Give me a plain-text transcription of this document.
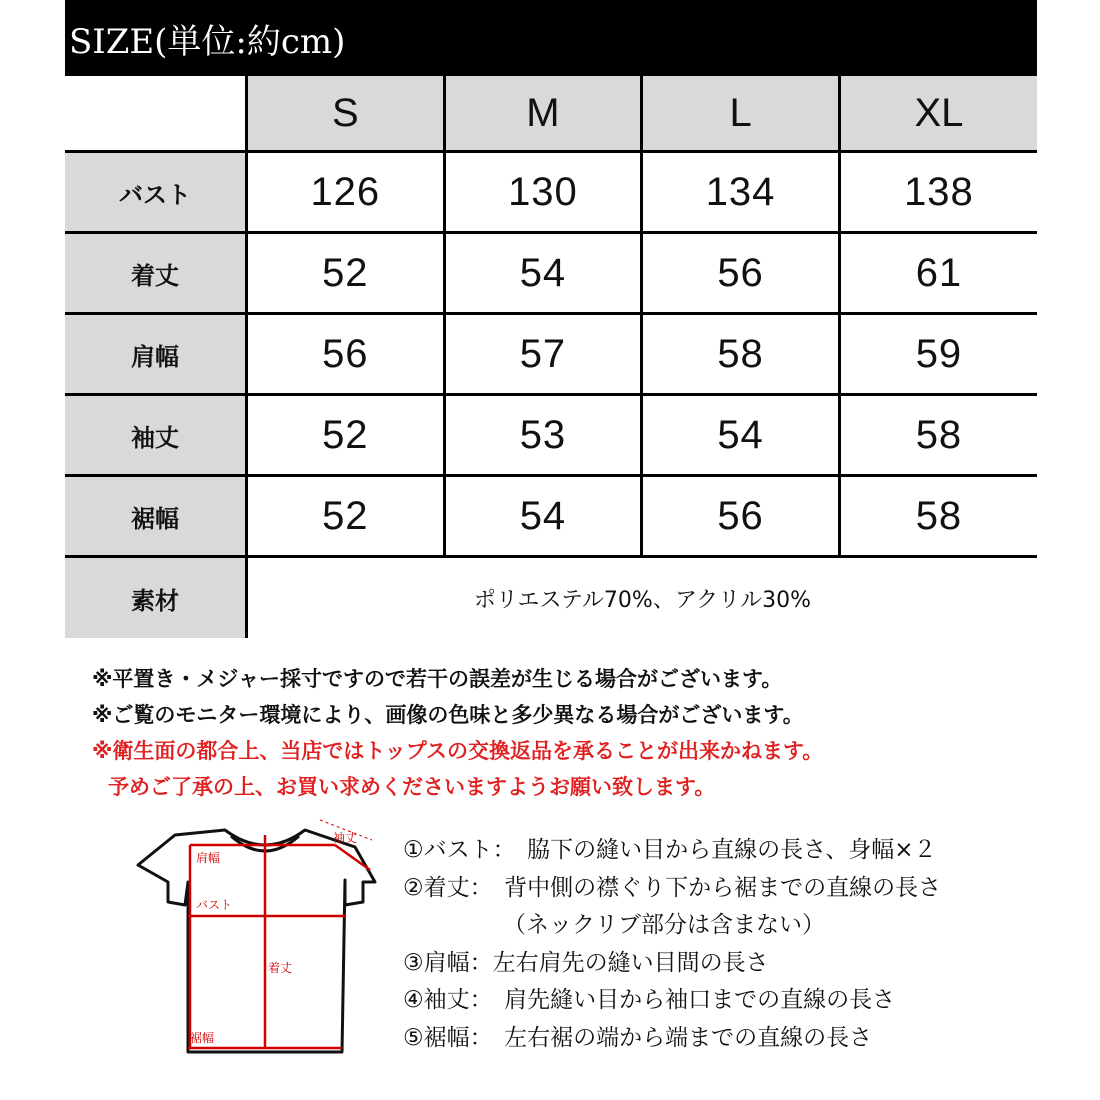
SIZE(単位:約cm)
	S	M	L	XL
バスト	126	130	134	138
着丈	52	54	56	61
肩幅	56	57	58	59
袖丈	52	53	54	58
裾幅	52	54	56	58
素材	ポリエステル70%、アクリル30%			

※平置き・メジャー採寸ですので若干の誤差が生じる場合がございます。

※ご覧のモニター環境により、画像の色味と多少異なる場合がございます。

※衛生面の都合上、当店ではトップスの交換返品を承ることが出来かねます。

予めご了承の上、お買い求めくださいますようお願い致します。

袖丈
肩幅
バスト
着丈
裾幅

①バスト：　脇下の縫い目から直線の長さ、身幅×２

②着丈：　背中側の襟ぐり下から裾までの直線の長さ

（ネックリブ部分は含まない）

③肩幅：左右肩先の縫い目間の長さ

④袖丈：　肩先縫い目から袖口までの直線の長さ

⑤裾幅：　左右裾の端から端までの直線の長さ
